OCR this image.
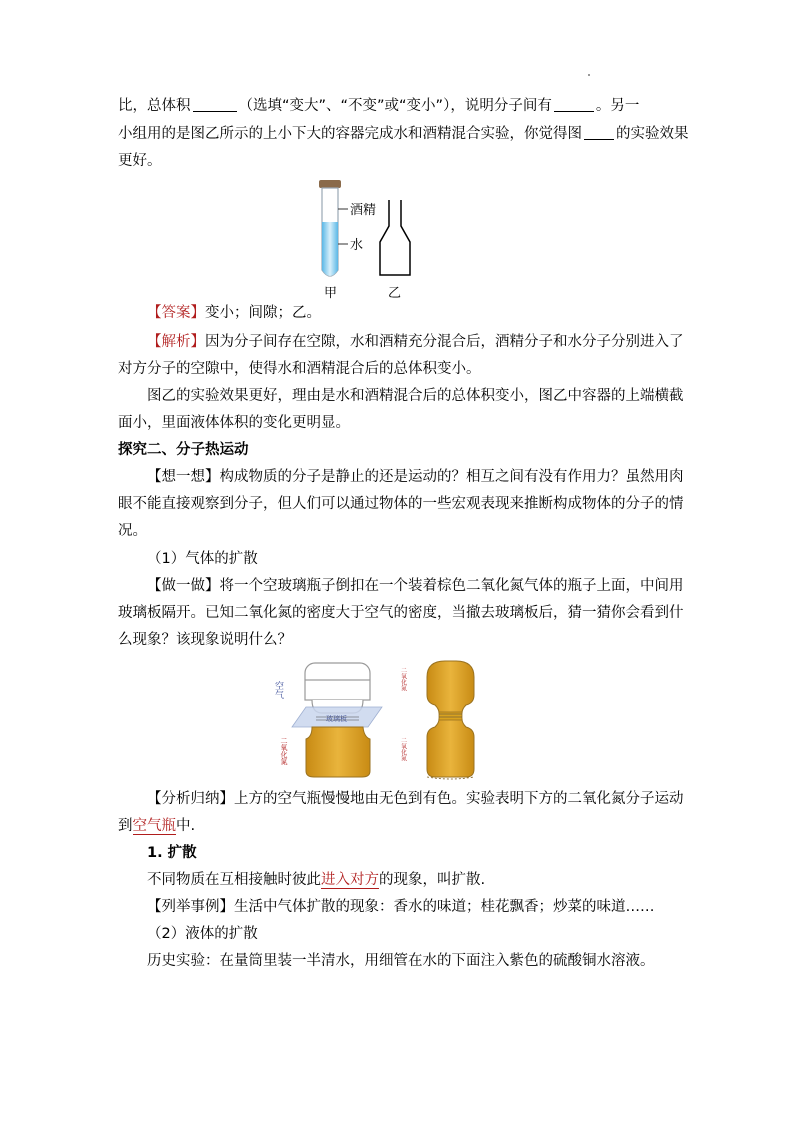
比，总体积	（选填“变大”、“不变”或“变小”），说明分子间有	。另一
小组用的是图乙所示的上小下大的容器完成水和酒精混合实验，你觉得图 的实验效果
更好。
酒精
水
甲	乙
【答案】变小；间隙；乙。
【解析】因为分子间存在空隙，水和酒精充分混合后，酒精分子和水分子分别进入了
对方分子的空隙中，使得水和酒精混合后的总体积变小。
图乙的实验效果更好，理由是水和酒精混合后的总体积变小，图乙中容器的上端横截
面小，里面液体体积的变化更明显。
探究二、分子热运动
【想一想】构成物质的分子是静止的还是运动的？相互之间有没有作用力？虽然用肉
眼不能直接观察到分子，但人们可以通过物体的一些宏观表现来推断构成物体的分子的情
况。
（1）气体的扩散
【做一做】将一个空玻璃瓶子倒扣在一个装着棕色二氧化氮气体的瓶子上面，中间用
玻璃板隔开。已知二氧化氮的密度大于空气的密度，当撤去玻璃板后，猜一猜你会看到什
么现象？该现象说明什么？
空气
玻璃板
二氧化氮
二氧化氮
二氧化氮
【分析归纳】上方的空气瓶慢慢地由无色到有色。实验表明下方的二氧化氮分子运动
到空气瓶中.
1. 扩散
不同物质在互相接触时彼此进入对方的现象，叫扩散.
【列举事例】生活中气体扩散的现象：香水的味道；桂花飘香；炒菜的味道……
（2）液体的扩散
历史实验：在量筒里装一半清水，用细管在水的下面注入紫色的硫酸铜水溶液。
